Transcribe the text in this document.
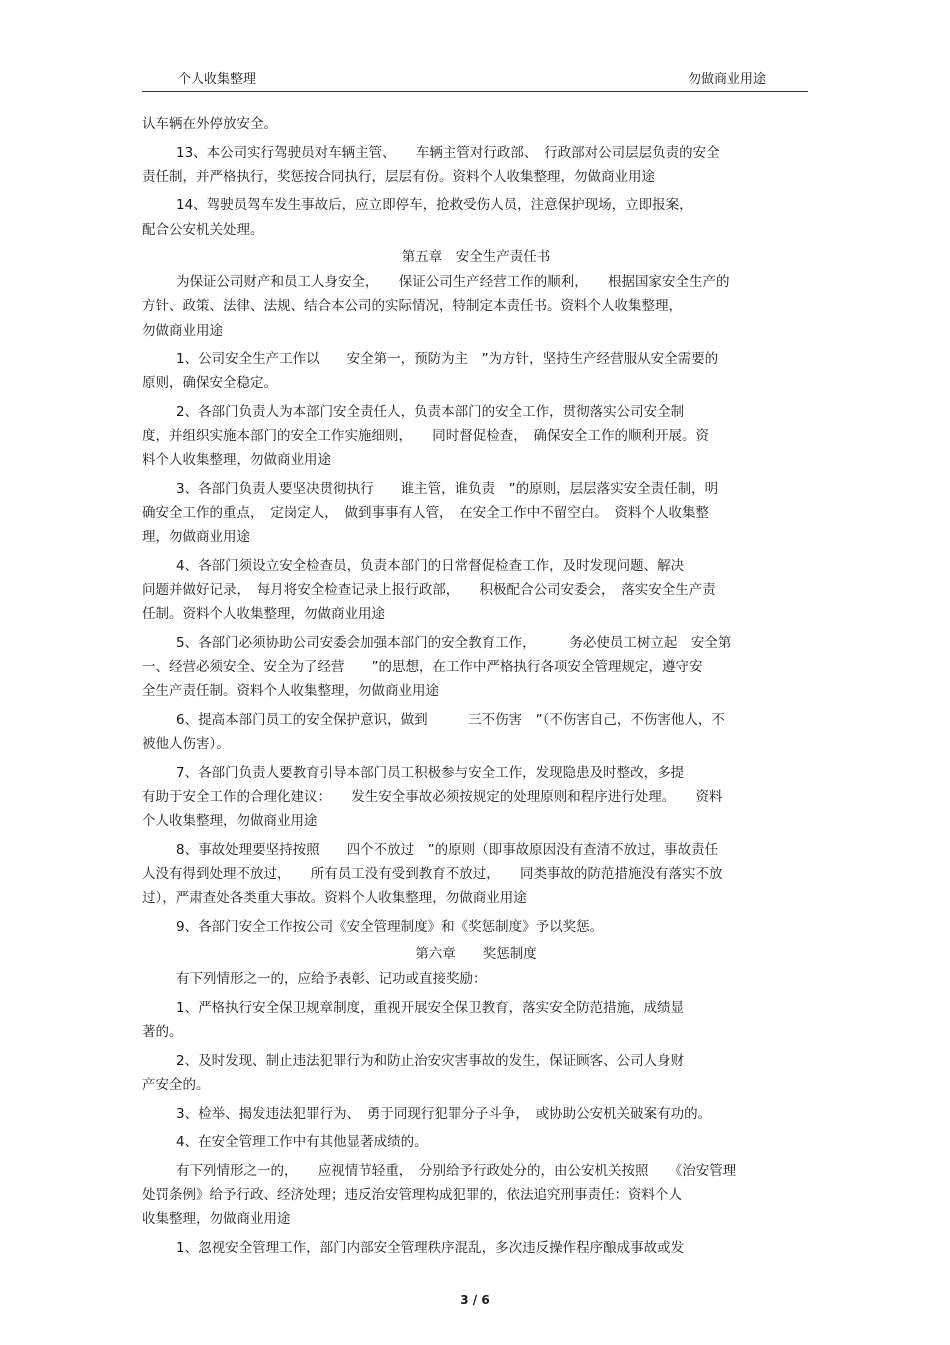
个人收集整理	勿做商业用途
认车辆在外停放安全。
13、本公司实行驾驶员对车辆主管、　　车辆主管对行政部、　行政部对公司层层负责的安全
责任制，并严格执行，奖惩按合同执行，层层有份。资料个人收集整理，勿做商业用途
14、驾驶员驾车发生事故后，应立即停车，抢救受伤人员，注意保护现场，立即报案，
配合公安机关处理。
第五章　安全生产责任书
为保证公司财产和员工人身安全，　　保证公司生产经营工作的顺利，　　根据国家安全生产的
方针、政策、法律、法规、结合本公司的实际情况，特制定本责任书。资料个人收集整理，
勿做商业用途
1、公司安全生产工作以　　安全第一，预防为主　”为方针，坚持生产经营服从安全需要的
原则，确保安全稳定。
2、各部门负责人为本部门安全责任人，负责本部门的安全工作，贯彻落实公司安全制
度，并组织实施本部门的安全工作实施细则，　　同时督促检查，　确保安全工作的顺利开展。资
料个人收集整理，勿做商业用途
3、各部门负责人要坚决贯彻执行　　谁主管，谁负责　”的原则，层层落实安全责任制，明
确安全工作的重点，　定岗定人，　做到事事有人管，　在安全工作中不留空白。　资料个人收集整
理，勿做商业用途
4、各部门须设立安全检查员，负责本部门的日常督促检查工作，及时发现问题、解决
问题并做好记录，　每月将安全检查记录上报行政部，　　积极配合公司安委会，　落实安全生产责
任制。资料个人收集整理，勿做商业用途
5、各部门必须协助公司安委会加强本部门的安全教育工作，　　　务必使员工树立起　安全第
一、经营必须安全、安全为了经营　　”的思想，在工作中严格执行各项安全管理规定，遵守安
全生产责任制。资料个人收集整理，勿做商业用途
6、提高本部门员工的安全保护意识，做到　　　三不伤害　”（不伤害自己，不伤害他人，不
被他人伤害）。
7、各部门负责人要教育引导本部门员工积极参与安全工作，发现隐患及时整改，多提
有助于安全工作的合理化建议：　　发生安全事故必须按规定的处理原则和程序进行处理。　　资料
个人收集整理，勿做商业用途
8、事故处理要坚持按照　　四个不放过　”的原则（即事故原因没有查清不放过，事故责任
人没有得到处理不放过，　　所有员工没有受到教育不放过，　　同类事故的防范措施没有落实不放
过），严肃查处各类重大事故。资料个人收集整理，勿做商业用途
9、各部门安全工作按公司《安全管理制度》和《奖惩制度》予以奖惩。
第六章　　奖惩制度
有下列情形之一的，应给予表彰、记功或直接奖励：
1、严格执行安全保卫规章制度，重视开展安全保卫教育，落实安全防范措施，成绩显
著的。
2、及时发现、制止违法犯罪行为和防止治安灾害事故的发生，保证顾客、公司人身财
产安全的。
3、检举、揭发违法犯罪行为、　勇于同现行犯罪分子斗争，　或协助公安机关破案有功的。
4、在安全管理工作中有其他显著成绩的。
有下列情形之一的，　　应视情节轻重，　分别给予行政处分的，由公安机关按照　　《治安管理
处罚条例》给予行政、经济处理；违反治安管理构成犯罪的，依法追究刑事责任：资料个人
收集整理，勿做商业用途
1、忽视安全管理工作，部门内部安全管理秩序混乱，多次违反操作程序酿成事故或发
3 / 6
